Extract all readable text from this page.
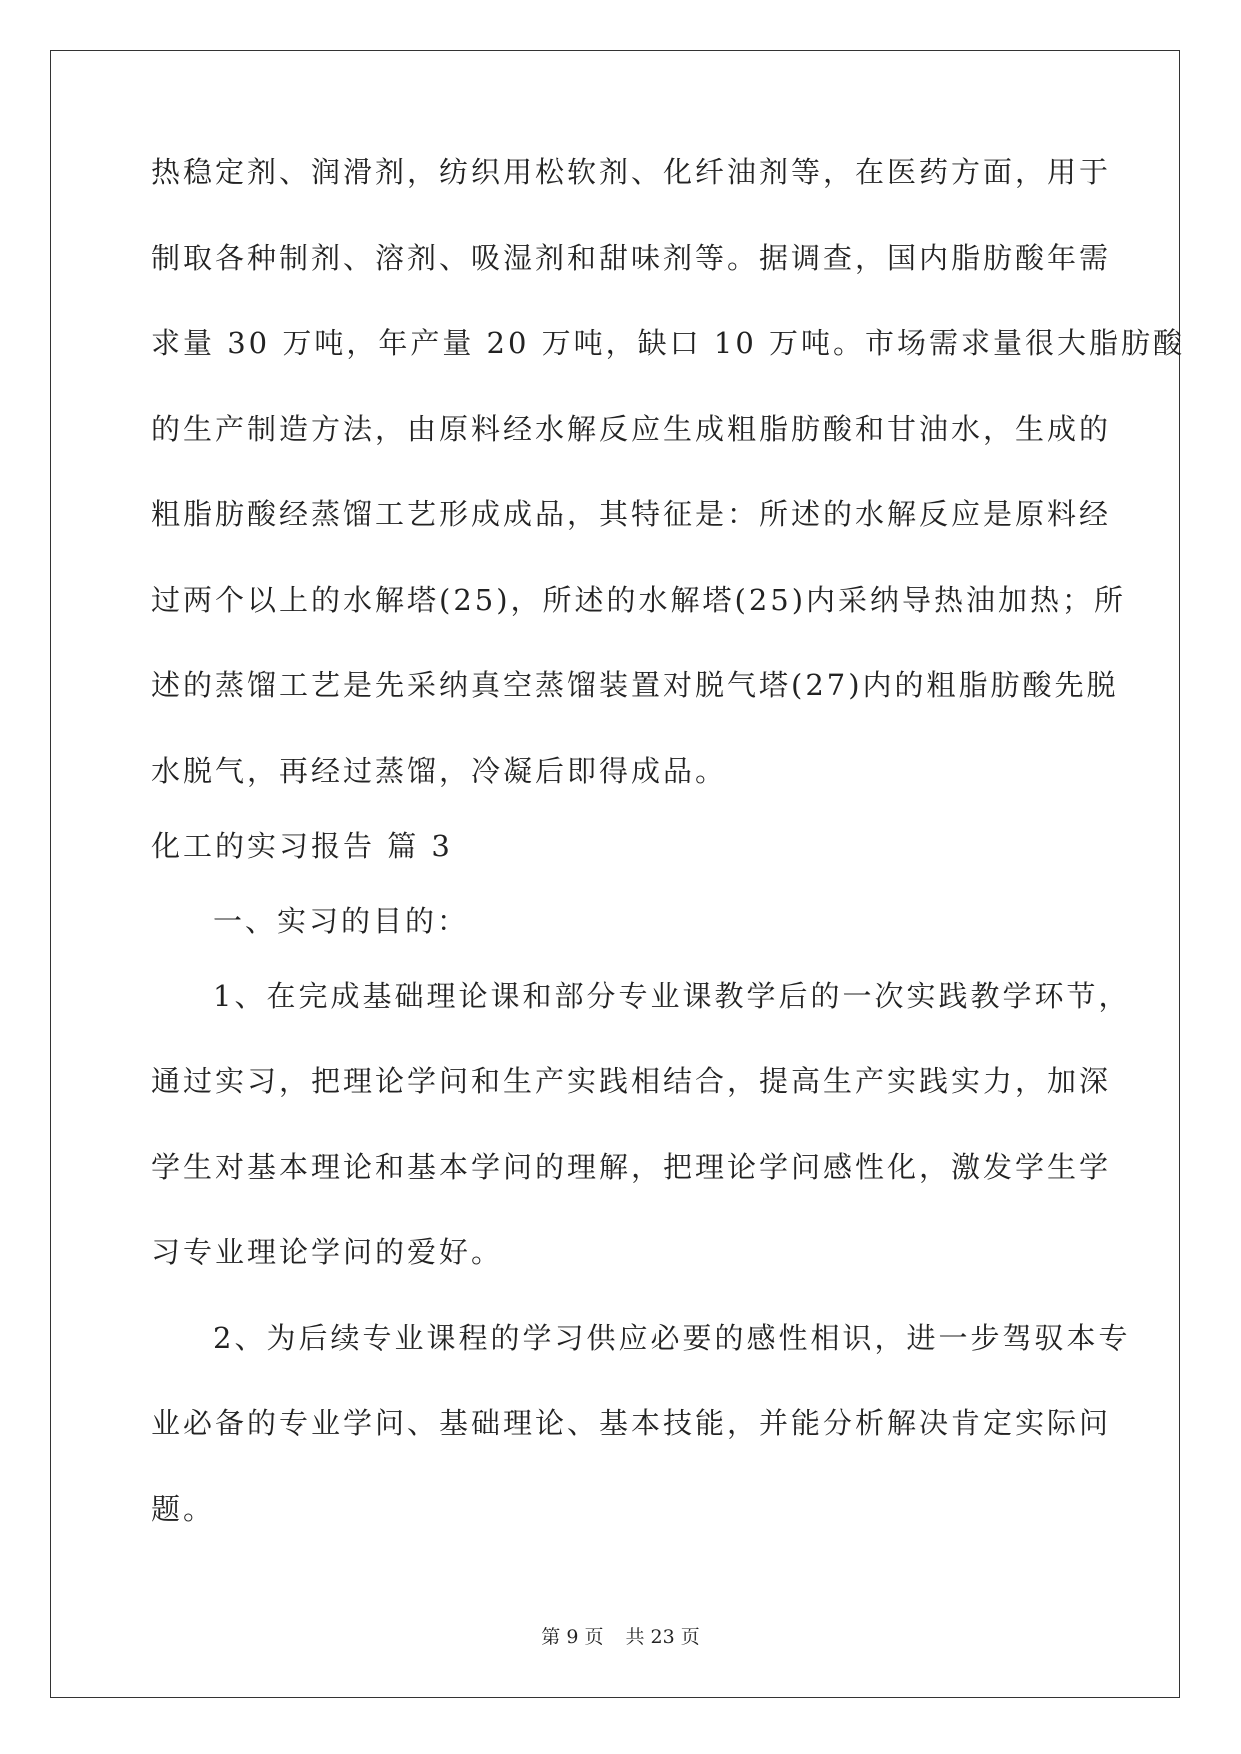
热稳定剂、润滑剂，纺织用松软剂、化纤油剂等，在医药方面，用于
制取各种制剂、溶剂、吸湿剂和甜味剂等。据调查，国内脂肪酸年需
求量 30 万吨，年产量 20 万吨，缺口 10 万吨。市场需求量很大脂肪酸
的生产制造方法，由原料经水解反应生成粗脂肪酸和甘油水，生成的
粗脂肪酸经蒸馏工艺形成成品，其特征是：所述的水解反应是原料经
过两个以上的水解塔(25)，所述的水解塔(25)内采纳导热油加热；所
述的蒸馏工艺是先采纳真空蒸馏装置对脱气塔(27)内的粗脂肪酸先脱
水脱气，再经过蒸馏，冷凝后即得成品。
化工的实习报告 篇 3
一、实习的目的：
1、在完成基础理论课和部分专业课教学后的一次实践教学环节，
通过实习，把理论学问和生产实践相结合，提高生产实践实力，加深
学生对基本理论和基本学问的理解，把理论学问感性化，激发学生学
习专业理论学问的爱好。
2、为后续专业课程的学习供应必要的感性相识，进一步驾驭本专
业必备的专业学问、基础理论、基本技能，并能分析解决肯定实际问
题。
第 9 页 共 23 页
